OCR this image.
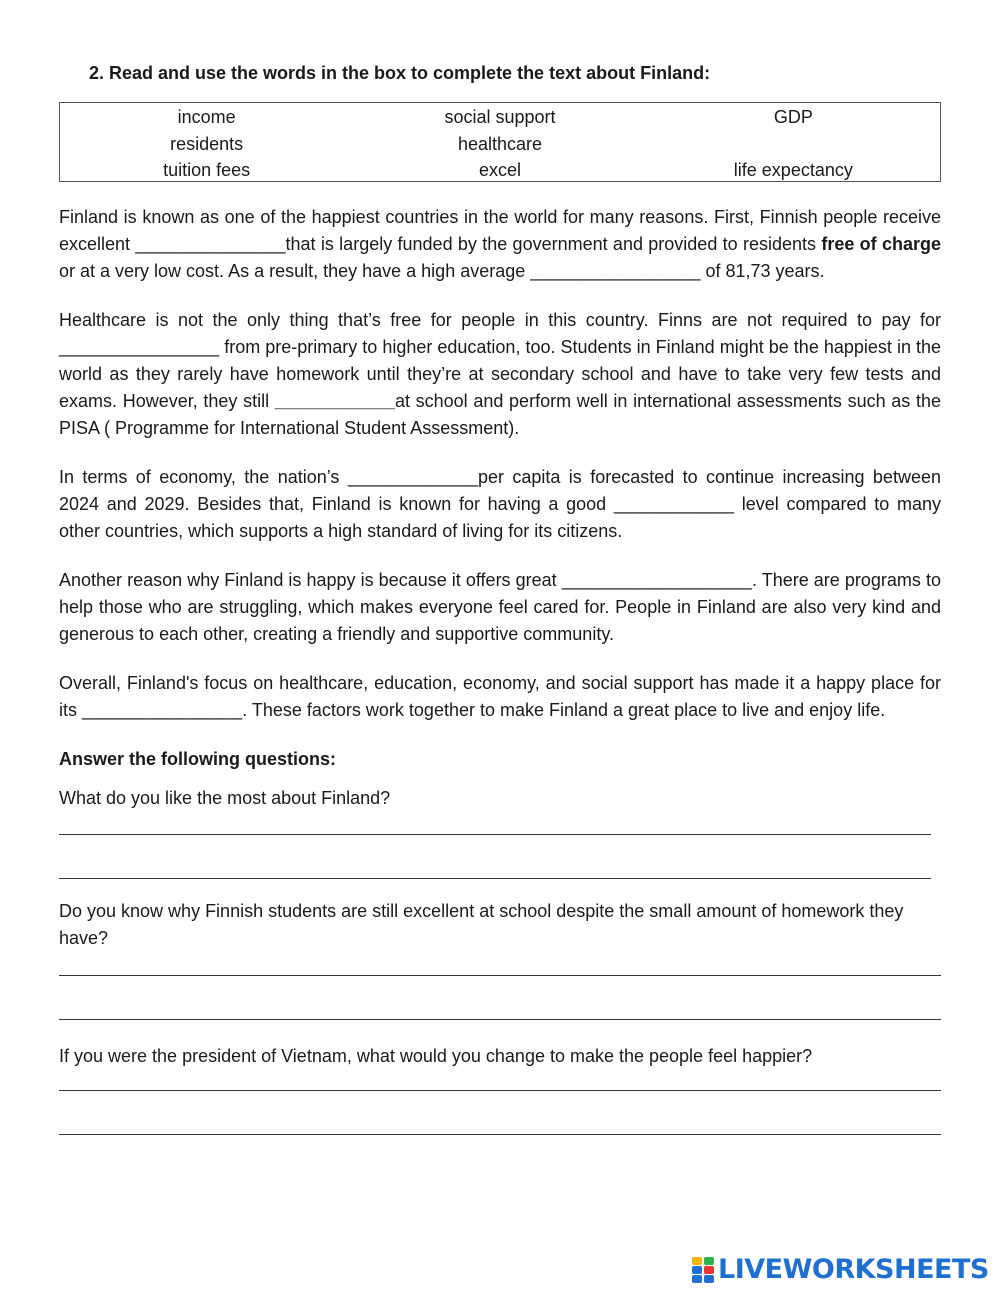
2. Read and use the words in the box to complete the text about Finland:
income	social support	GDP
residents	healthcare
tuition fees	excel	life expectancy

Finland is known as one of the happiest countries in the world for many reasons. First, Finnish people receive excellent _______________that is largely funded by the government and provided to residents free of charge or at a very low cost. As a result, they have a high average _________________ of 81,73 years.

Healthcare is not the only thing that’s free for people in this country. Finns are not required to pay for ________________ from pre-primary to higher education, too. Students in Finland might be the happiest in the world as they rarely have homework until they’re at secondary school and have to take very few tests and exams. However, they still ____________at school and perform well in international assessments such as the PISA ( Programme for International Student Assessment).

In terms of economy, the nation’s _____________per capita is forecasted to continue increasing between 2024 and 2029. Besides that, Finland is known for having a good ____________ level compared to many other countries, which supports a high standard of living for its citizens.

Another reason why Finland is happy is because it offers great ___________________. There are programs to help those who are struggling, which makes everyone feel cared for. People in Finland are also very kind and generous to each other, creating a friendly and supportive community.

Overall, Finland's focus on healthcare, education, economy, and social support has made it a happy place for its ________________. These factors work together to make Finland a great place to live and enjoy life.

Answer the following questions:
What do you like the most about Finland?
Do you know why Finnish students are still excellent at school despite the small amount of homework they have?
If you were the president of Vietnam, what would you change to make the people feel happier?
LIVEWORKSHEETS
